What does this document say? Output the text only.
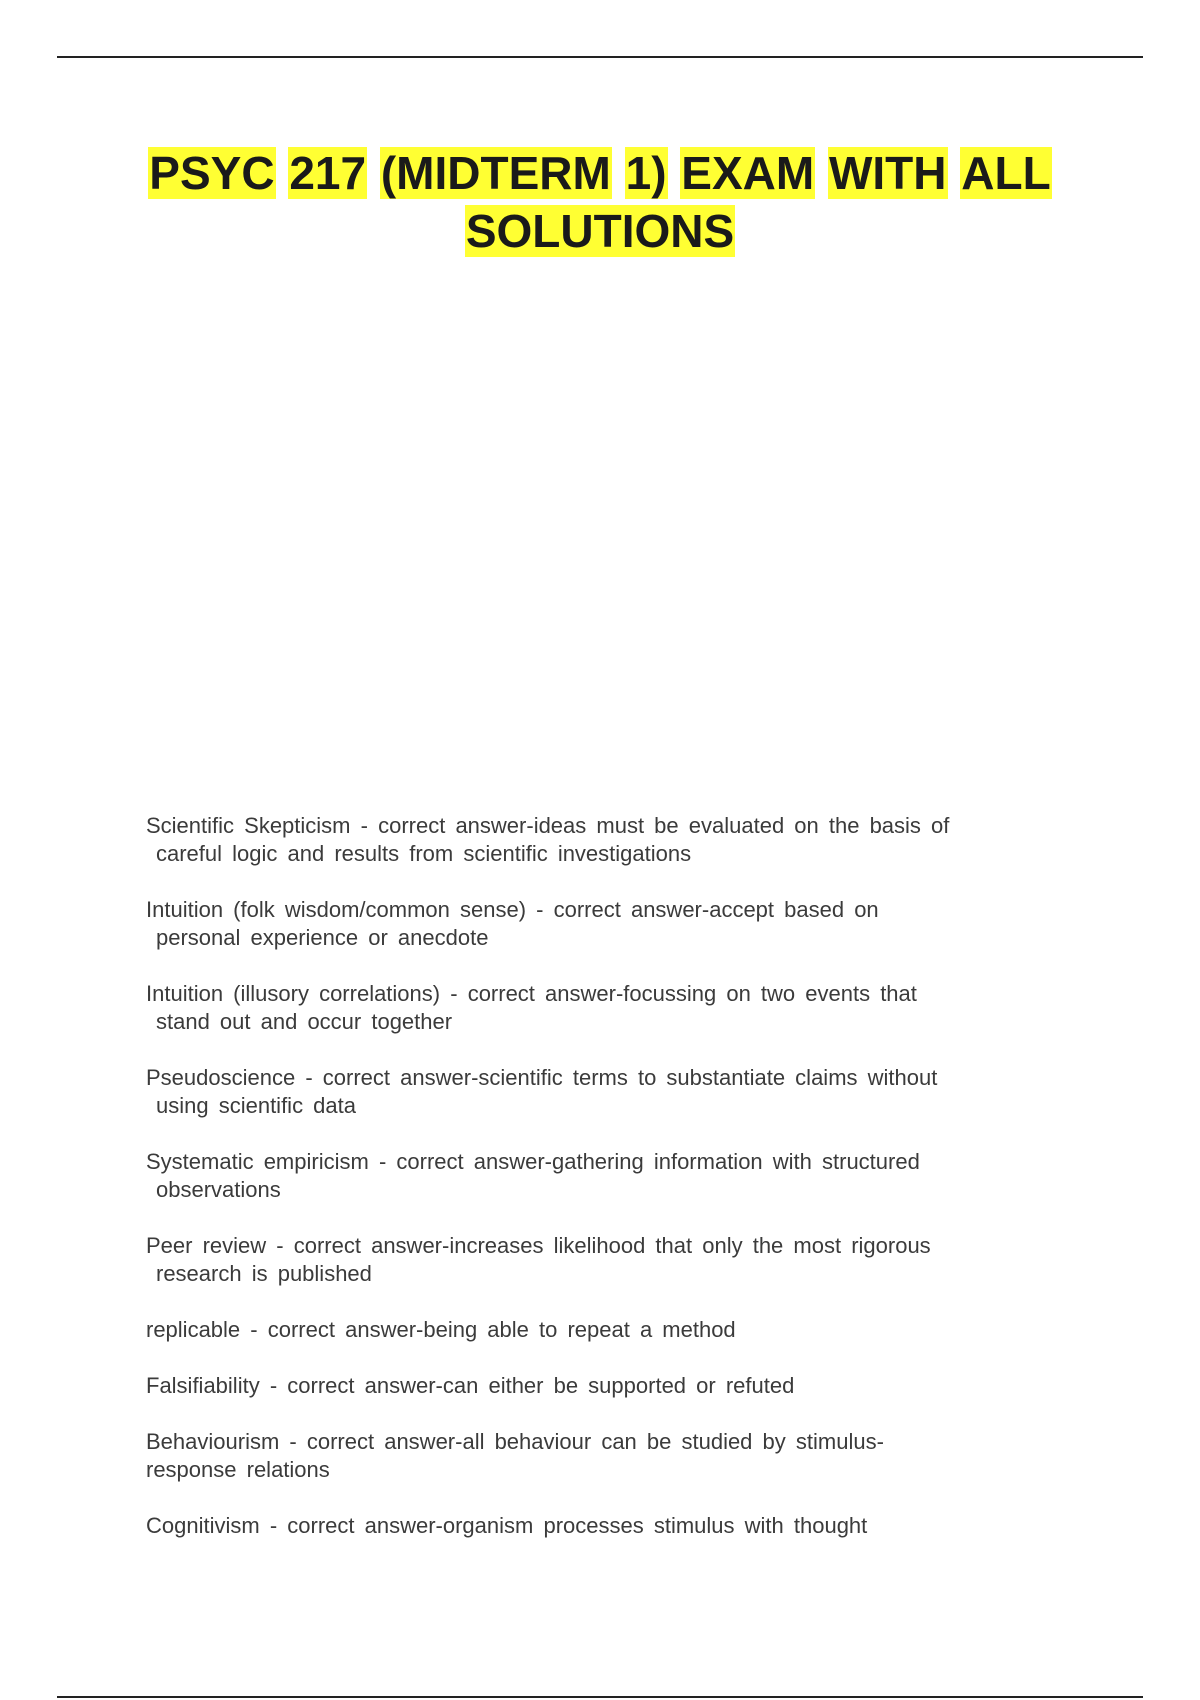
PSYC 217 (MIDTERM 1) EXAM WITH ALL
SOLUTIONS
Scientific Skepticism - correct answer-ideas must be evaluated on the basis of
careful logic and results from scientific investigations
Intuition (folk wisdom/common sense) - correct answer-accept based on
personal experience or anecdote
Intuition (illusory correlations) - correct answer-focussing on two events that
stand out and occur together
Pseudoscience - correct answer-scientific terms to substantiate claims without
using scientific data
Systematic empiricism - correct answer-gathering information with structured
observations
Peer review - correct answer-increases likelihood that only the most rigorous
research is published
replicable - correct answer-being able to repeat a method
Falsifiability - correct answer-can either be supported or refuted
Behaviourism - correct answer-all behaviour can be studied by stimulus-
response relations
Cognitivism - correct answer-organism processes stimulus with thought
